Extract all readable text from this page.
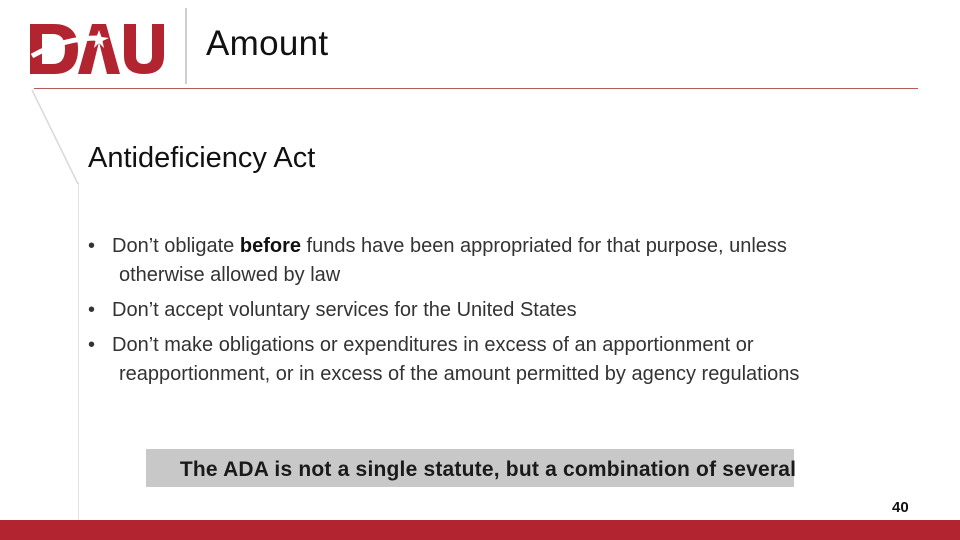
Amount
Antideficiency Act
• Don’t obligate before funds have been appropriated for that purpose, unless otherwise allowed by law
• Don’t accept voluntary services for the United States
• Don’t make obligations or expenditures in excess of an apportionment or reapportionment, or in excess of the amount permitted by agency regulations
The ADA is not a single statute, but a combination of several
40
